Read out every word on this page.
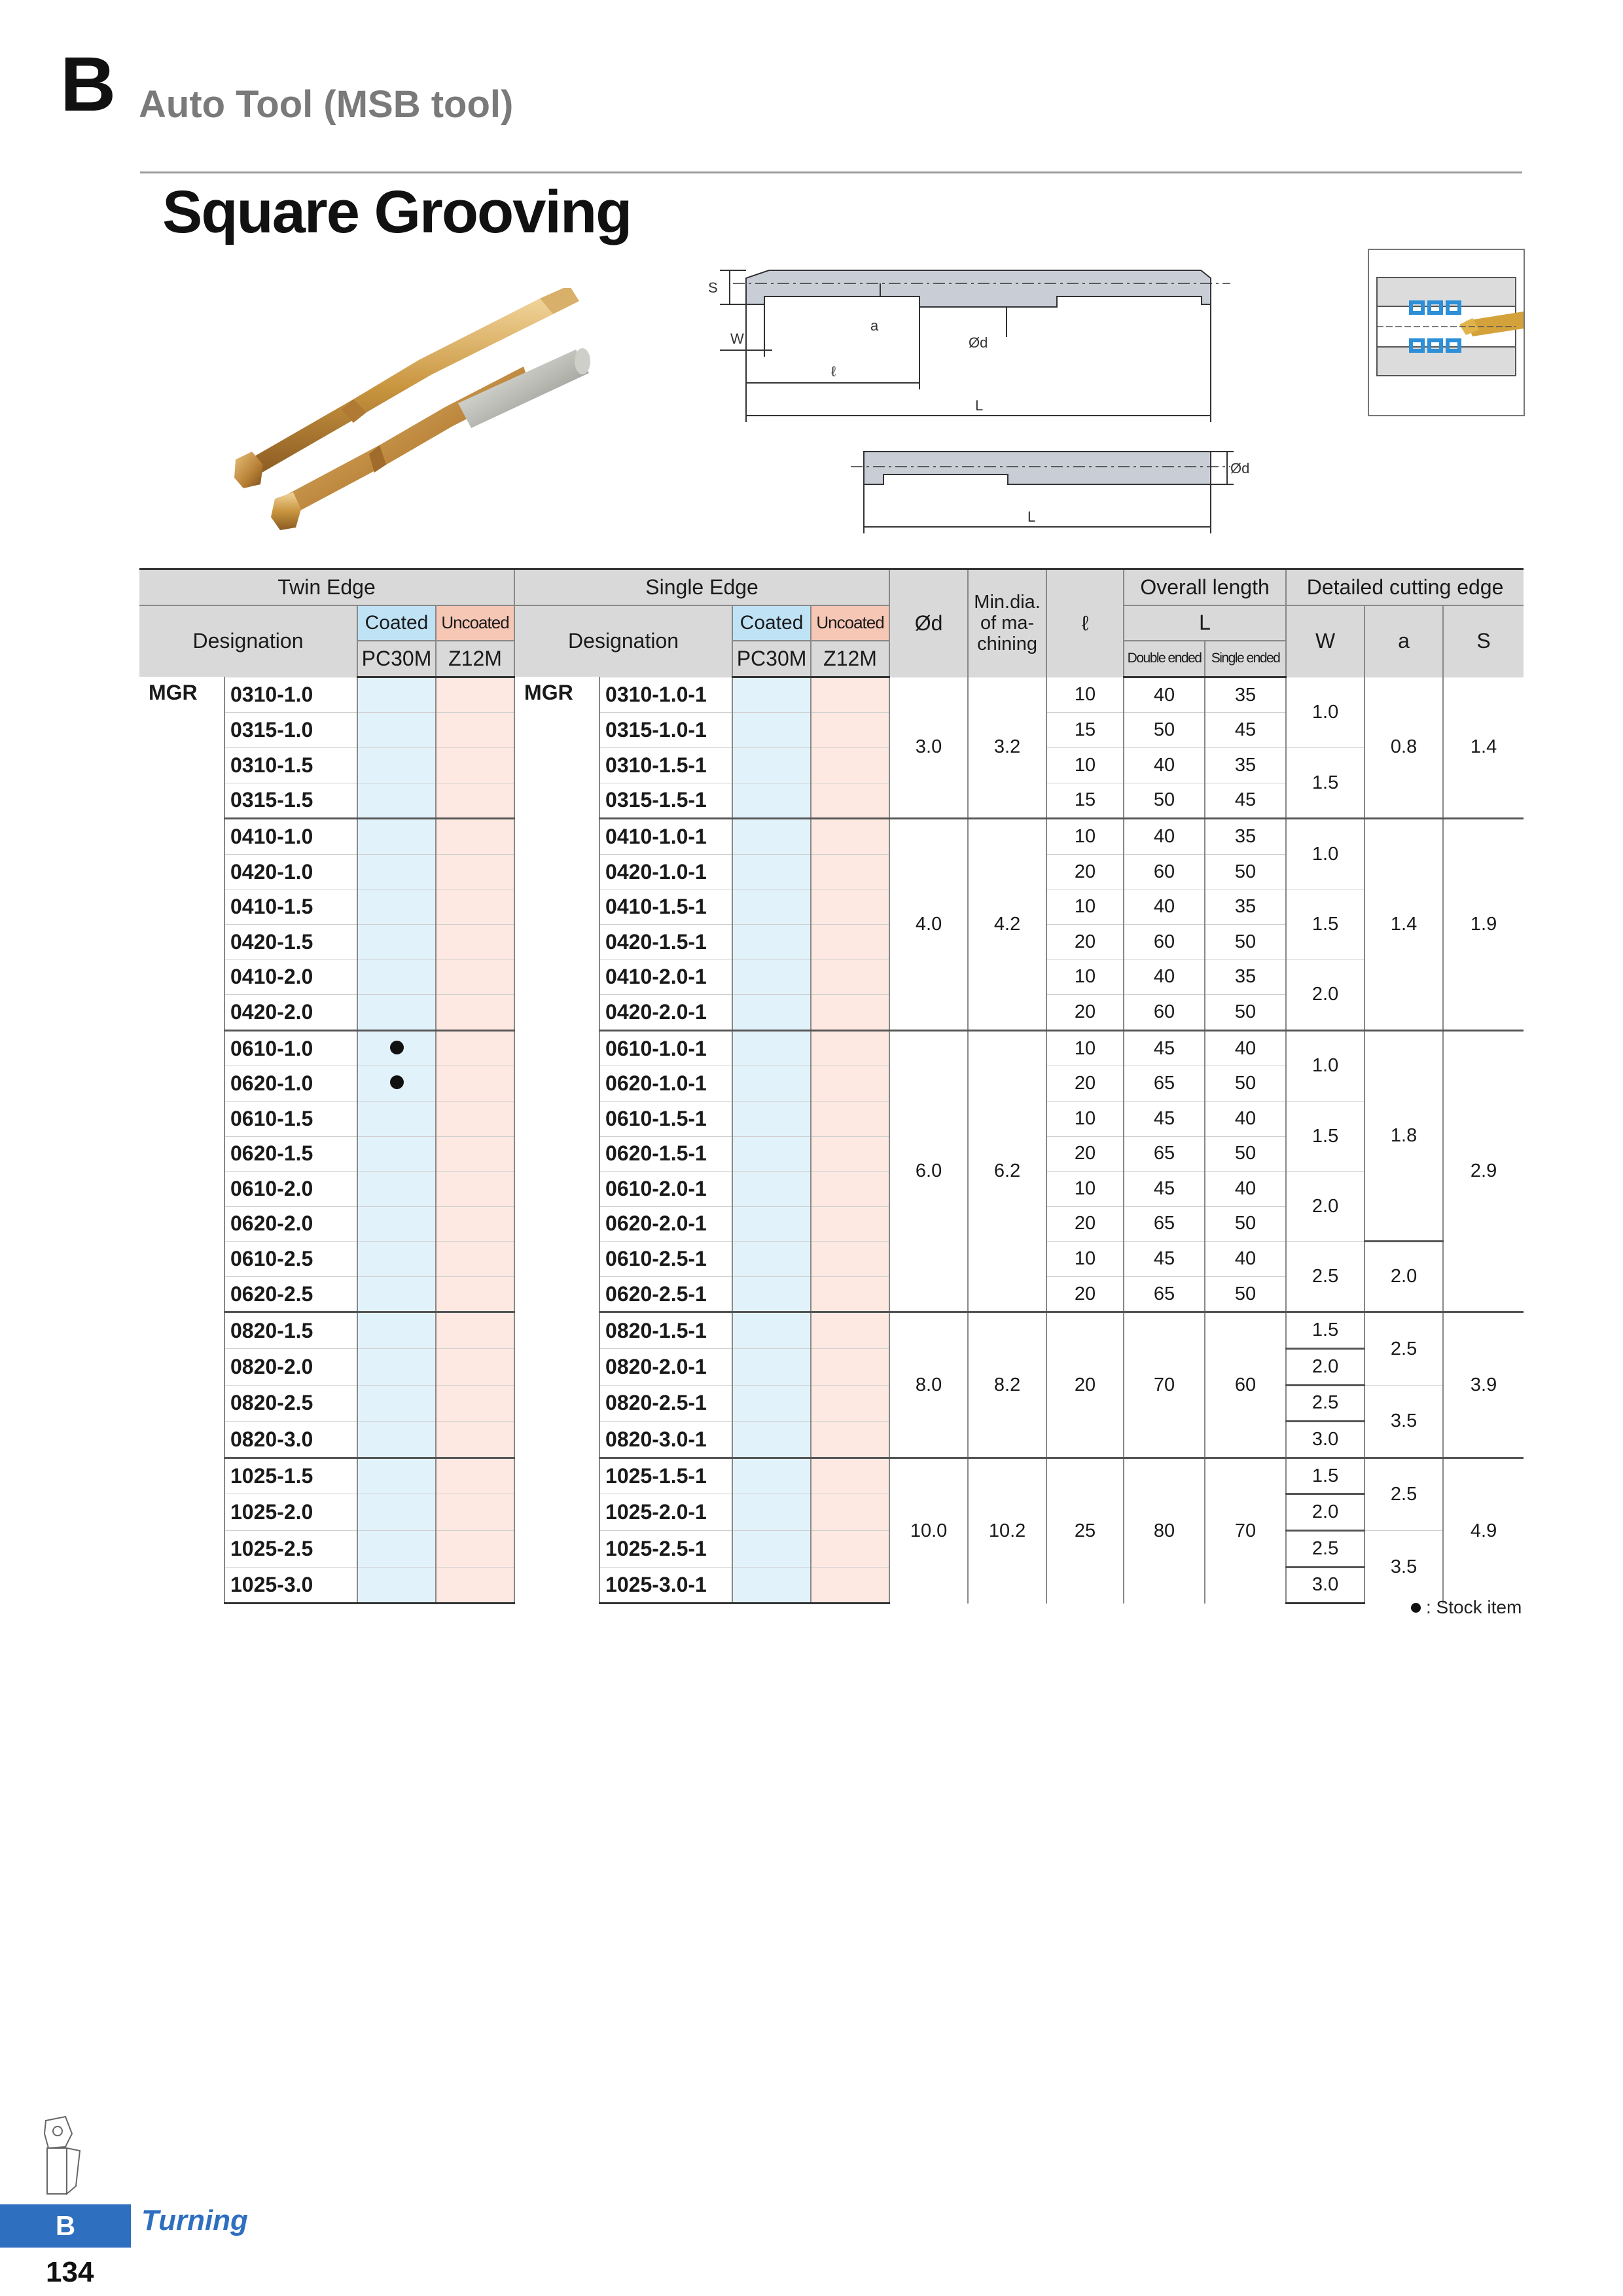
B Auto Tool (MSB tool)
Square Grooving
S
W
a
Ød
ℓ
L
Ød
L
Twin Edge				Single Edge				Ød	Min.dia. of ma- chining	ℓ	Overall length		Detailed cutting edge		
Designation		Coated	Uncoated	Designation		Coated	Uncoated				L		W	a	S
		PC30M	Z12M			PC30M	Z12M				Double ended	Single ended			
MGR	0310-1.0			MGR	0310-1.0-1			3.0	3.2	10	40	35	1.0	0.8	1.4
	0315-1.0				0315-1.0-1					15	50	45			
	0310-1.5				0310-1.5-1					10	40	35	1.5		
	0315-1.5				0315-1.5-1					15	50	45			
	0410-1.0				0410-1.0-1			4.0	4.2	10	40	35	1.0	1.4	1.9
	0420-1.0				0420-1.0-1					20	60	50			
	0410-1.5				0410-1.5-1					10	40	35	1.5		
	0420-1.5				0420-1.5-1					20	60	50			
	0410-2.0				0410-2.0-1					10	40	35	2.0		
	0420-2.0				0420-2.0-1					20	60	50			
	0610-1.0				0610-1.0-1			6.0	6.2	10	45	40	1.0	1.8	2.9
	0620-1.0				0620-1.0-1					20	65	50			
	0610-1.5				0610-1.5-1					10	45	40	1.5		
	0620-1.5				0620-1.5-1					20	65	50			
	0610-2.0				0610-2.0-1					10	45	40	2.0		
	0620-2.0				0620-2.0-1					20	65	50			
	0610-2.5				0610-2.5-1					10	45	40	2.5	2.0	
	0620-2.5				0620-2.5-1					20	65	50			
	0820-1.5				0820-1.5-1			8.0	8.2	20	70	60	1.5	2.5	3.9
	0820-2.0				0820-2.0-1								2.0		
	0820-2.5				0820-2.5-1								2.5	3.5	
	0820-3.0				0820-3.0-1								3.0		
	1025-1.5				1025-1.5-1			10.0	10.2	25	80	70	1.5	2.5	4.9
	1025-2.0				1025-2.0-1								2.0		
	1025-2.5				1025-2.5-1								2.5	3.5	
	1025-3.0				1025-3.0-1								3.0		
: Stock item
B	Turning
134
